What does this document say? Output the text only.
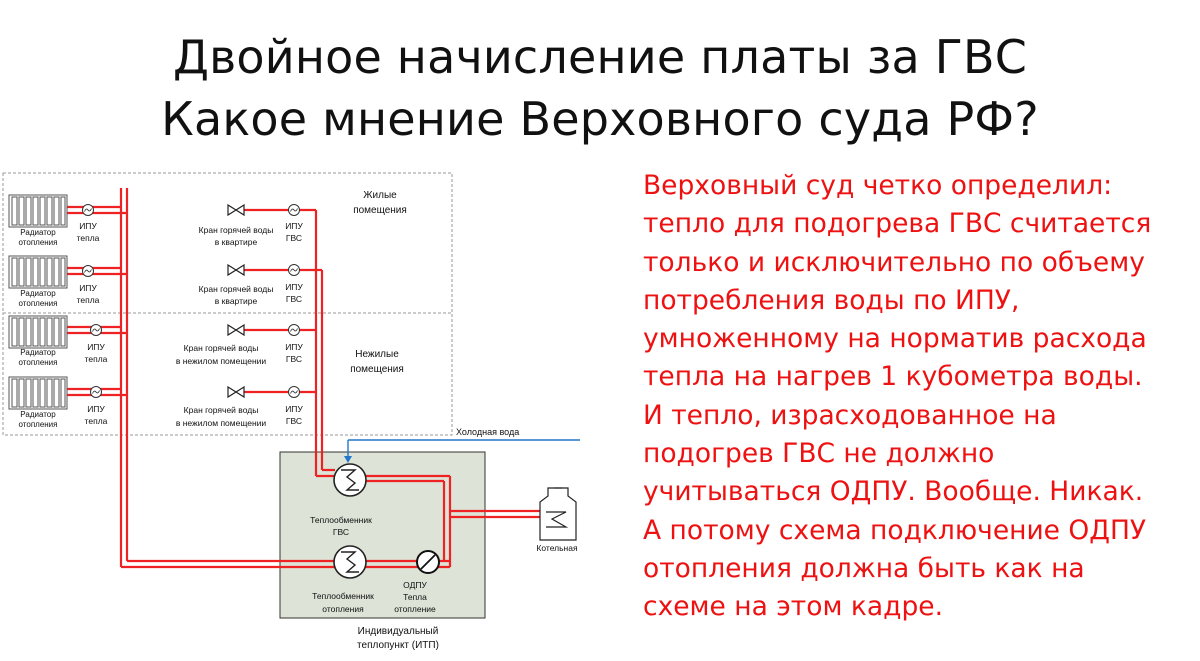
Двойное начисление платы за ГВС
Какое мнение Верховного суда РФ?
Радиатор
отопления
Радиатор
отопления
Радиатор
отопления
Радиатор
отопления
ИПУ
тепла
ИПУ
тепла
ИПУ
тепла
ИПУ
тепла
ИПУ
ГВС
ИПУ
ГВС
ИПУ
ГВС
ИПУ
ГВС
Кран горячей воды
в квартире
Кран горячей воды
в квартире
Кран горячей воды
в нежилом помещении
Кран горячей воды
в нежилом помещении
Теплообменник
ГВС
Теплообменник
отопления
ОДПУ
Тепла
отопление
Котельная
Жилые
помещения
Нежилые
помещения
Индивидуальный
теплопункт (ИТП)
Холодная вода
Верховный суд четко определил:
тепло для подогрева ГВС считается
только и исключительно по объему
потребления воды по ИПУ,
умноженному на норматив расхода
тепла на нагрев 1 кубометра воды.
И тепло, израсходованное на
подогрев ГВС не должно
учитываться ОДПУ. Вообще. Никак.
А потому схема подключение ОДПУ
отопления должна быть как на
схеме на этом кадре.
